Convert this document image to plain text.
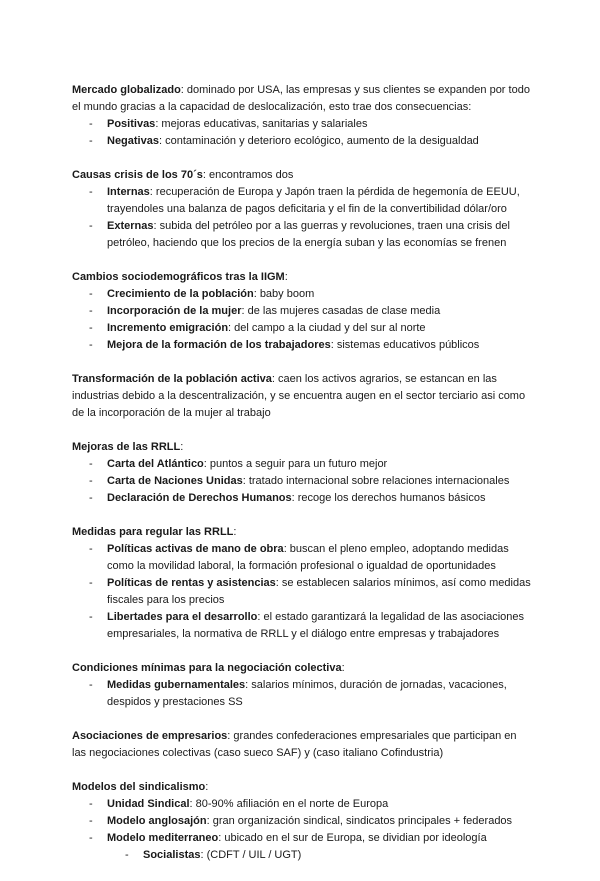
Mercado globalizado: dominado por USA, las empresas y sus clientes se expanden por todo el mundo gracias a la capacidad de deslocalización, esto trae dos consecuencias:
- Positivas: mejoras educativas, sanitarias y salariales
- Negativas: contaminación y deterioro ecológico, aumento de la desigualdad
Causas crisis de los 70´s: encontramos dos
- Internas: recuperación de Europa y Japón traen la pérdida de hegemonía de EEUU, trayendoles una balanza de pagos deficitaria y el fin de la convertibilidad dólar/oro
- Externas: subida del petróleo por a las guerras y revoluciones, traen una crisis del petróleo, haciendo que los precios de la energía suban y las economías se frenen
Cambios sociodemográficos tras la IIGM:
- Crecimiento de la población: baby boom
- Incorporación de la mujer: de las mujeres casadas de clase media
- Incremento emigración: del campo a la ciudad y del sur al norte
- Mejora de la formación de los trabajadores: sistemas educativos públicos
Transformación de la población activa: caen los activos agrarios, se estancan en las industrias debido a la descentralización, y se encuentra augen en el sector terciario asi como de la incorporación de la mujer al trabajo
Mejoras de las RRLL:
- Carta del Atlántico: puntos a seguir para un futuro mejor
- Carta de Naciones Unidas: tratado internacional sobre relaciones internacionales
- Declaración de Derechos Humanos: recoge los derechos humanos básicos
Medidas para regular las RRLL:
- Políticas activas de mano de obra: buscan el pleno empleo, adoptando medidas como la movilidad laboral, la formación profesional o igualdad de oportunidades
- Políticas de rentas y asistencias: se establecen salarios mínimos, así como medidas fiscales para los precios
- Libertades para el desarrollo: el estado garantizará la legalidad de las asociaciones empresariales, la normativa de RRLL y el diálogo entre empresas y trabajadores
Condiciones mínimas para la negociación colectiva:
- Medidas gubernamentales: salarios mínimos, duración de jornadas, vacaciones, despidos y prestaciones SS
Asociaciones de empresarios: grandes confederaciones empresariales que participan en las negociaciones colectivas (caso sueco SAF) y (caso italiano Cofindustria)
Modelos del sindicalismo:
- Unidad Sindical: 80-90% afiliación en el norte de Europa
- Modelo anglosajón: gran organización sindical, sindicatos principales + federados
- Modelo mediterraneo: ubicado en el sur de Europa, se dividian por ideología
- Socialistas: (CDFT / UIL / UGT)
